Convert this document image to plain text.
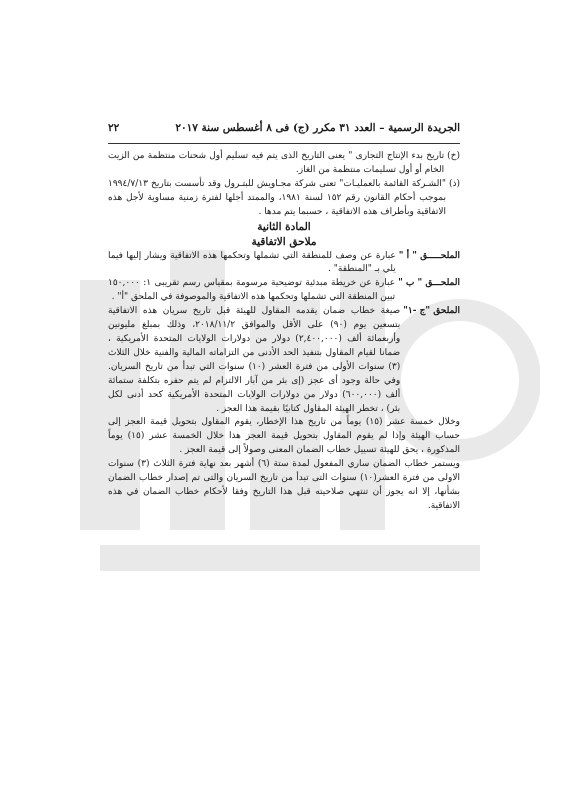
الجريدة الرسمية – العدد ٣١ مكرر (ج) فى ٨ أغسطس سنة ٢٠١٧
٢٢
(خ)
تاريخ بدء الإنتاج التجارى " يعنى التاريخ الذى يتم فيه تسليم أول شحنات منتظمة من الزيت الخام أو أول تسليمات منتظمة من الغاز.
(ذ)
"الشـركة القائمة بالعمليـات" تعنى شركة مجـاويش للبتـرول وقد تأسست بتاريخ ١٩٩٤/٧/١٣ بموجب أحكام القانون رقم ١٥٢ لسنة ١٩٨١، والممتد أجلها لفترة زمنية مساوية لأجل هذه الاتفاقية وبأطراف هذه الاتفاقية ، حسبما يتم مدها .
المادة الثانية
ملاحق الاتفاقية
الملحـــــق " أ "
عبارة عن وصف للمنطقة التي تشملها وتحكمها هذه الاتفاقية ويشار إليها فيما يلي بـ "المنطقة" .
الملحـــق " ب "
عبارة عن خريطة مبدئية توضيحية مرسومة بمقياس رسم تقريبى ١: ١٥٠,٠٠٠ تبين المنطقة التي تشملها وتحكمها هذه الاتفاقية والموصوفة في الملحق "أ" .
الملحق "ج -١"
صيغة خطاب ضمان يقدمه المقاول للهيئة قبل تاريخ سريان هذه الاتفاقية بتسعين يوم (٩٠) على الأقل والموافق ٢٠١٨/١١/٢، وذلك بمبلغ مليونين وأربعمائة ألف (٢,٤٠٠,٠٠٠) دولار من دولارات الولايات المتحدة الأمريكية ، ضمانا لقيام المقاول بتنفيذ الحد الأدنى من التزاماته المالية والفنية خلال الثلاث (٣) سنوات الأولى من فترة العشر (١٠) سنوات التي تبدأ من تاريخ السريان. وفي حالة وجود أى عجز (إى بئر من آبار الالتزام لم يتم حفره بتكلفة ستمائة ألف (٦٠٠,٠٠٠) دولار من دولارات الولايات المتحدة الأمريكية كحد أدنى لكل بئر) ، تخطر الهيئة المقاول كتابيًا بقيمة هذا العجز .

وخلال خمسة عشر (١٥) يوماً من تاريخ هذا الإخطار، يقوم المقاول بتحويل قيمة العجز إلى حساب الهيئة وإذا لم يقوم المقاول بتحويل قيمة العجز هذا خلال الخمسة عشر (١٥) يوماً المذكورة ، يحق للهيئة تسييل خطاب الضمان المعنى وصولاً إلى قيمة العجز .

ويستمر خطاب الضمان ساري المفعول لمدة ستة (٦) أشهر بعد نهاية فترة الثلاث (٣) سنوات الاولى من فترة العشر(١٠) سنوات التى تبدأ من تاريخ السريان والتى تم إصدار خطاب الضمان بشأنها، إلا انه يجوز أن تنتهي صلاحيته قبل هذا التاريخ وفقا لأحكام خطاب الضمان في هذه الاتفاقية.
